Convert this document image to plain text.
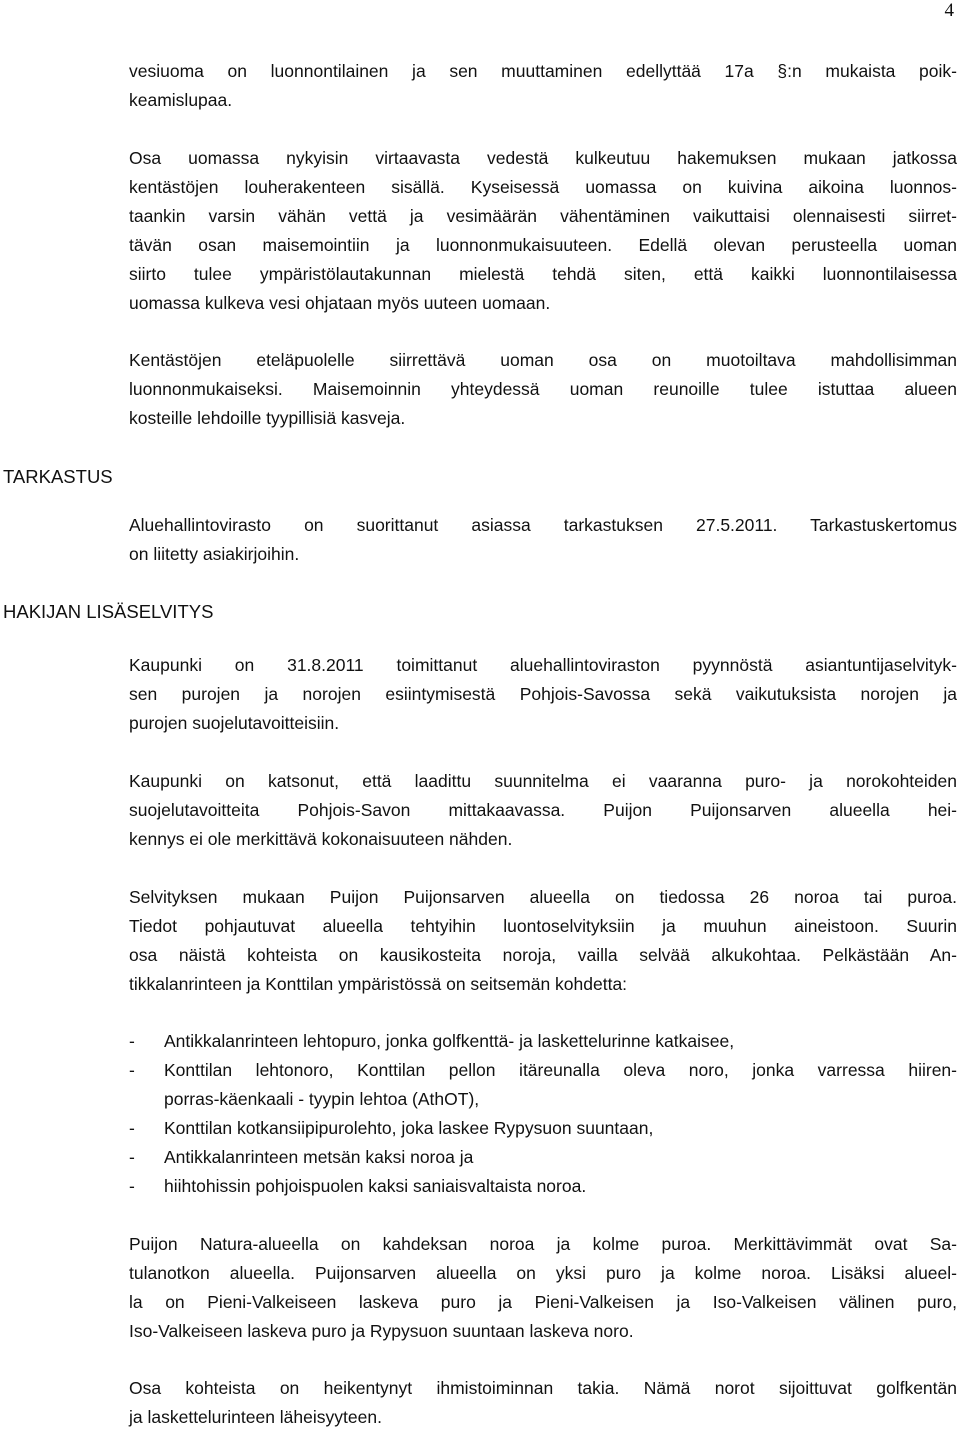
4
vesiuoma on luonnontilainen ja sen muuttaminen edellyttää 17a §:n mukaista poik-
keamislupaa.
Osa uomassa nykyisin virtaavasta vedestä kulkeutuu hakemuksen mukaan jatkossa
kentästöjen louherakenteen sisällä. Kyseisessä uomassa on kuivina aikoina luonnos-
taankin varsin vähän vettä ja vesimäärän vähentäminen vaikuttaisi olennaisesti siirret-
tävän osan maisemointiin ja luonnonmukaisuuteen. Edellä olevan perusteella uoman
siirto tulee ympäristölautakunnan mielestä tehdä siten, että kaikki luonnontilaisessa
uomassa kulkeva vesi ohjataan myös uuteen uomaan.
Kentästöjen eteläpuolelle siirrettävä uoman osa on muotoiltava mahdollisimman
luonnonmukaiseksi. Maisemoinnin yhteydessä uoman reunoille tulee istuttaa alueen
kosteille lehdoille tyypillisiä kasveja.
TARKASTUS
Aluehallintovirasto on suorittanut asiassa tarkastuksen 27.5.2011. Tarkastuskertomus
on liitetty asiakirjoihin.
HAKIJAN LISÄSELVITYS
Kaupunki on 31.8.2011 toimittanut aluehallintoviraston pyynnöstä asiantuntijaselvityk-
sen purojen ja norojen esiintymisestä Pohjois-Savossa sekä vaikutuksista norojen ja
purojen suojelutavoitteisiin.
Kaupunki on katsonut, että laadittu suunnitelma ei vaaranna puro- ja norokohteiden
suojelutavoitteita Pohjois-Savon mittakaavassa. Puijon Puijonsarven alueella hei-
kennys ei ole merkittävä kokonaisuuteen nähden.
Selvityksen mukaan Puijon Puijonsarven alueella on tiedossa 26 noroa tai puroa.
Tiedot pohjautuvat alueella tehtyihin luontoselvityksiin ja muuhun aineistoon. Suurin
osa näistä kohteista on kausikosteita noroja, vailla selvää alkukohtaa. Pelkästään An-
tikkalanrinteen ja Konttilan ympäristössä on seitsemän kohdetta:
- Antikkalanrinteen lehtopuro, jonka golfkenttä- ja laskettelurinne katkaisee,
- Konttilan lehtonoro, Konttilan pellon itäreunalla oleva noro, jonka varressa hiiren-
porras-käenkaali - tyypin lehtoa (AthOT),
- Konttilan kotkansiipipurolehto, joka laskee Rypysuon suuntaan,
- Antikkalanrinteen metsän kaksi noroa ja
- hiihtohissin pohjoispuolen kaksi saniaisvaltaista noroa.
Puijon Natura-alueella on kahdeksan noroa ja kolme puroa. Merkittävimmät ovat Sa-
tulanotkon alueella. Puijonsarven alueella on yksi puro ja kolme noroa. Lisäksi alueel-
la on Pieni-Valkeiseen laskeva puro ja Pieni-Valkeisen ja Iso-Valkeisen välinen puro,
Iso-Valkeiseen laskeva puro ja Rypysuon suuntaan laskeva noro.
Osa kohteista on heikentynyt ihmistoiminnan takia. Nämä norot sijoittuvat golfkentän
ja laskettelurinteen läheisyyteen.
